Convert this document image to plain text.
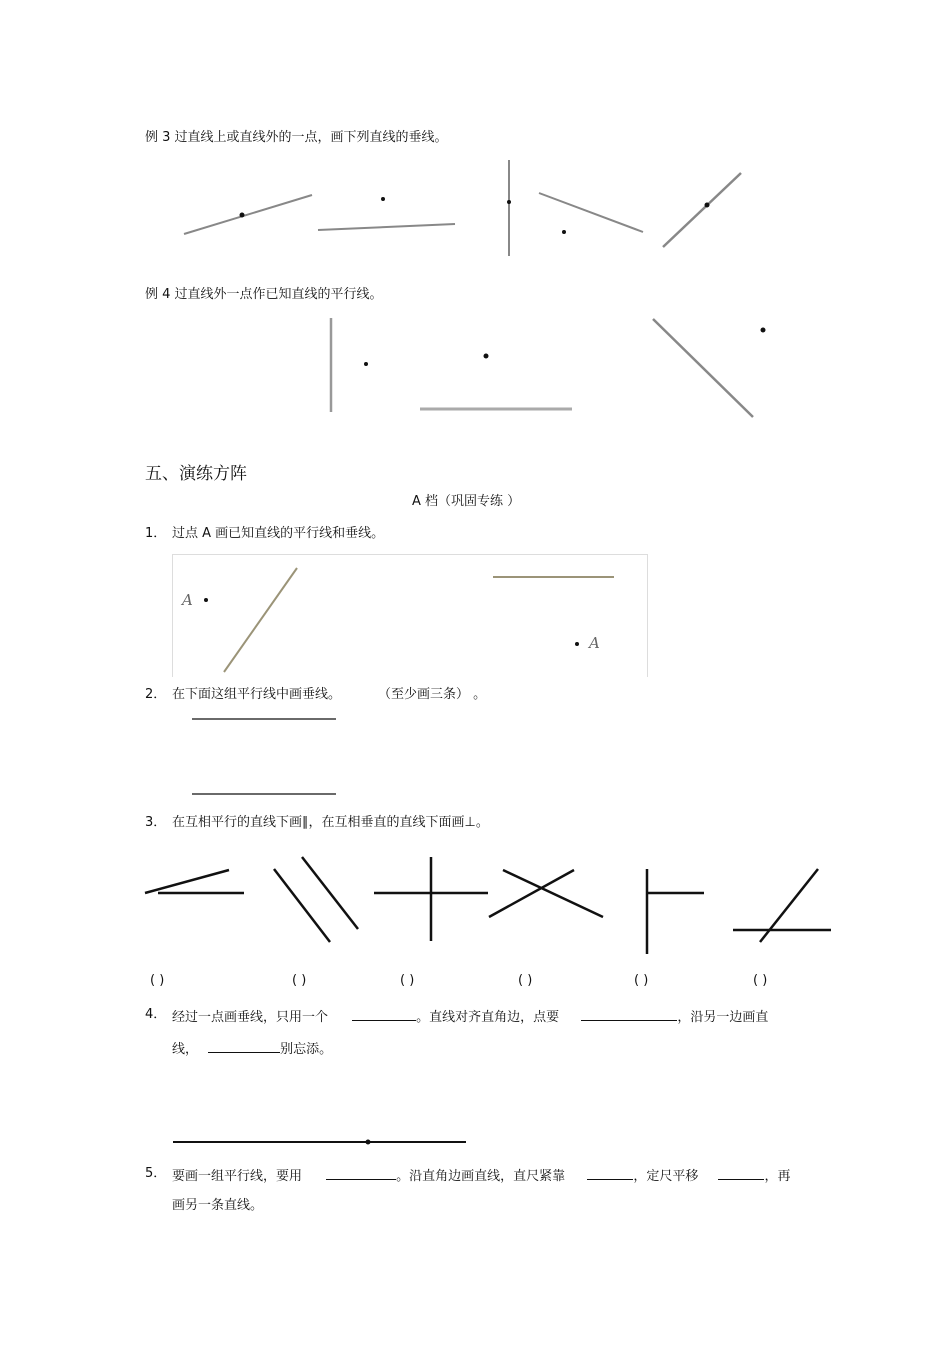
例 3 过直线上或直线外的一点，画下列直线的垂线。
例 4 过直线外一点作已知直线的平行线。
五、演练方阵
A 档（巩固专练 ）
1． 过点 A 画已知直线的平行线和垂线。
A
A
2． 在下面这组平行线中画垂线。	（至少画三条） 。
3． 在互相平行的直线下画∥，在互相垂直的直线下面画⊥。
( )	( )	( )	( )	( )	( )
4． 经过一点画垂线，只用一个	。直线对齐直角边，点要	，沿另一边画直
线，	别忘添。
5． 要画一组平行线，要用	。沿直角边画直线，直尺紧靠	，定尺平移	，再
画另一条直线。
